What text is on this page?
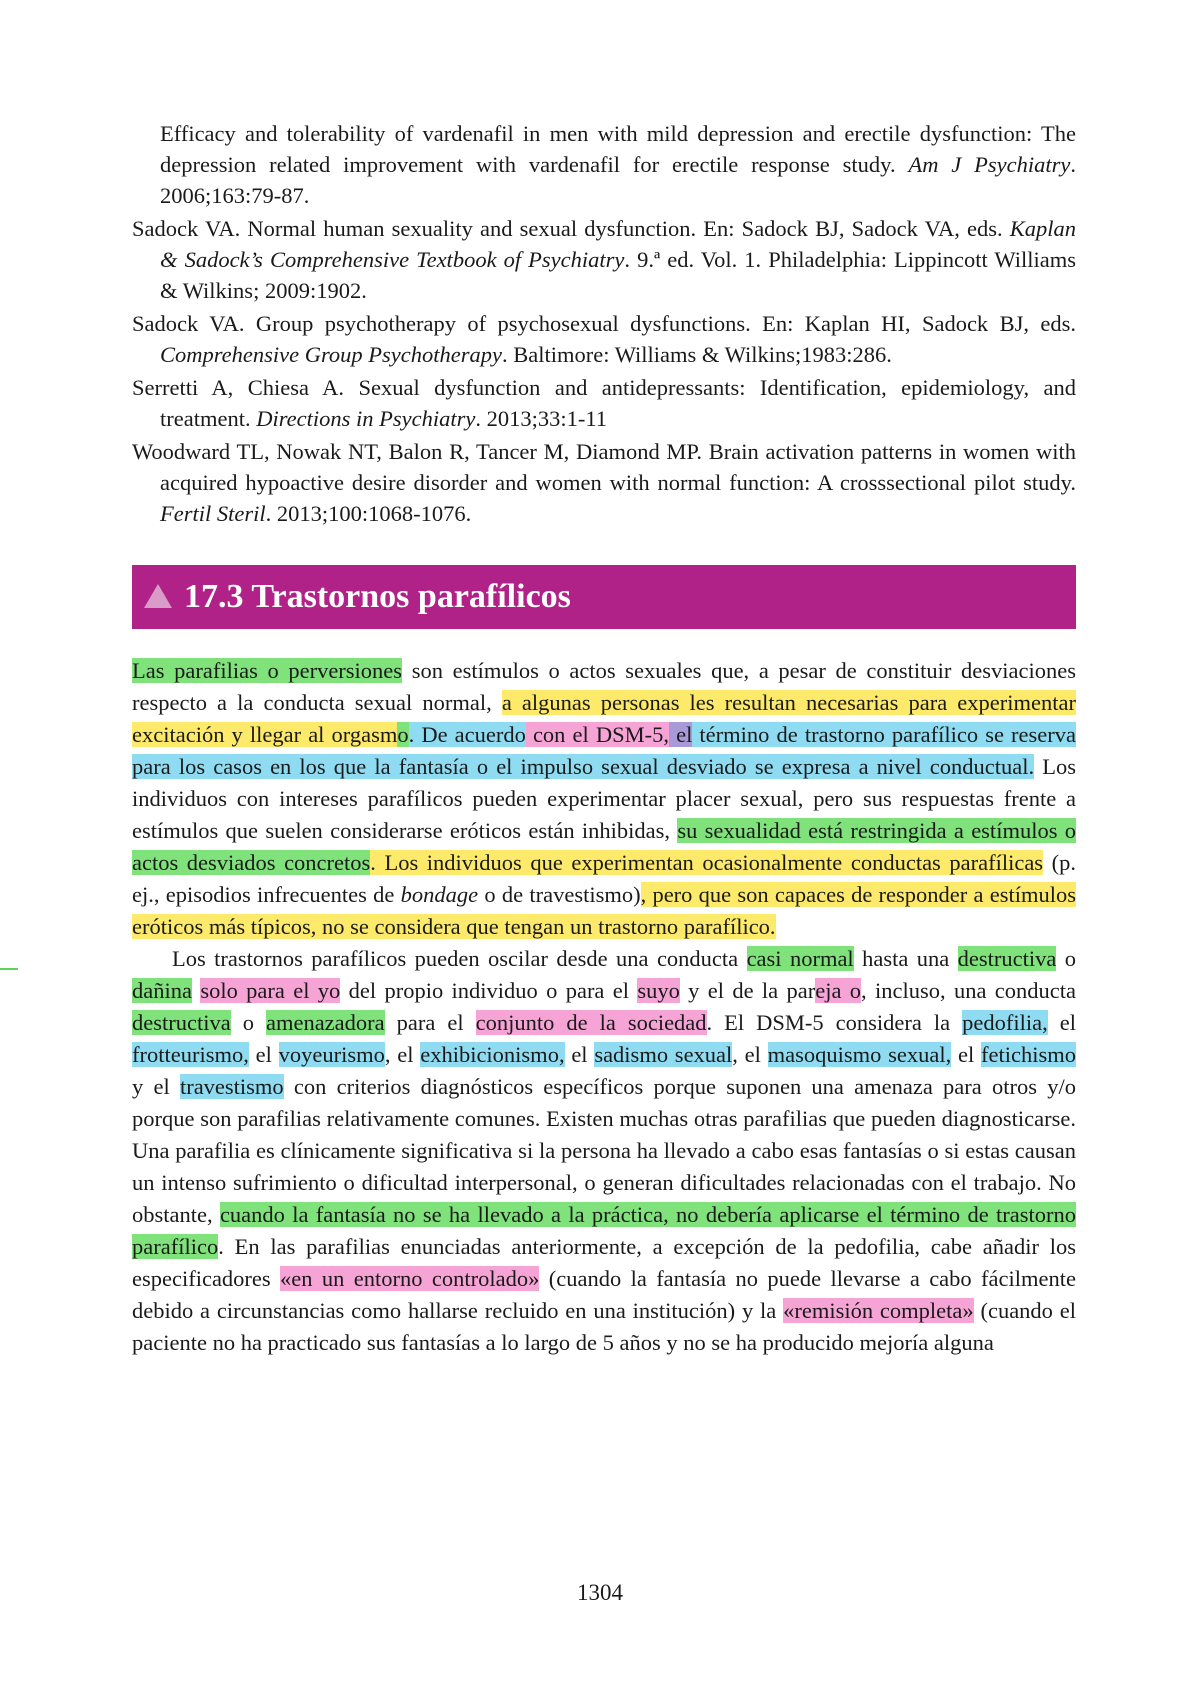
Efficacy and tolerability of vardenafil in men with mild depression and erectile dysfunction: The depression related improvement with vardenafil for erectile response study. Am J Psychiatry. 2006;163:79-87.

Sadock VA. Normal human sexuality and sexual dysfunction. En: Sadock BJ, Sadock VA, eds. Kaplan & Sadock’s Comprehensive Textbook of Psychiatry. 9.ª ed. Vol. 1. Philadelphia: Lippincott Williams & Wilkins; 2009:1902.

Sadock VA. Group psychotherapy of psychosexual dysfunctions. En: Kaplan HI, Sadock BJ, eds. Comprehensive Group Psychotherapy. Baltimore: Williams & Wilkins;1983:286.

Serretti A, Chiesa A. Sexual dysfunction and antidepressants: Identification, epidemiology, and treatment. Directions in Psychiatry. 2013;33:1-11

Woodward TL, Nowak NT, Balon R, Tancer M, Diamond MP. Brain activation patterns in women with acquired hypoactive desire disorder and women with normal function: A crosssectional pilot study. Fertil Steril. 2013;100:1068-1076.

17.3 Trastornos parafílicos

Las parafilias o perversiones son estímulos o actos sexuales que, a pesar de constituir desviaciones respecto a la conducta sexual normal, a algunas personas les resultan necesarias para experimentar excitación y llegar al orgasmo. De acuerdo con el DSM-5, el término de trastorno parafílico se reserva para los casos en los que la fantasía o el impulso sexual desviado se expresa a nivel conductual. Los individuos con intereses parafílicos pueden experimentar placer sexual, pero sus respuestas frente a estímulos que suelen considerarse eróticos están inhibidas, su sexualidad está restringida a estímulos o actos desviados concretos. Los individuos que experimentan ocasionalmente conductas parafílicas (p. ej., episodios infrecuentes de bondage o de travestismo), pero que son capaces de responder a estímulos eróticos más típicos, no se considera que tengan un trastorno parafílico.

Los trastornos parafílicos pueden oscilar desde una conducta casi normal hasta una destructiva o dañina solo para el yo del propio individuo o para el suyo y el de la pareja o, incluso, una conducta destructiva o amenazadora para el conjunto de la sociedad. El DSM-5 considera la pedofilia, el frotteurismo, el voyeurismo, el exhibicionismo, el sadismo sexual, el masoquismo sexual, el fetichismo y el travestismo con criterios diagnósticos específicos porque suponen una amenaza para otros y/o porque son parafilias relativamente comunes. Existen muchas otras parafilias que pueden diagnosticarse. Una parafilia es clínicamente significativa si la persona ha llevado a cabo esas fantasías o si estas causan un intenso sufrimiento o dificultad interpersonal, o generan dificultades relacionadas con el trabajo. No obstante, cuando la fantasía no se ha llevado a la práctica, no debería aplicarse el término de trastorno parafílico. En las parafilias enunciadas anteriormente, a excepción de la pedofilia, cabe añadir los especificadores «en un entorno controlado» (cuando la fantasía no puede llevarse a cabo fácilmente debido a circunstancias como hallarse recluido en una institución) y la «remisión completa» (cuando el paciente no ha practicado sus fantasías a lo largo de 5 años y no se ha producido mejoría alguna

1304
